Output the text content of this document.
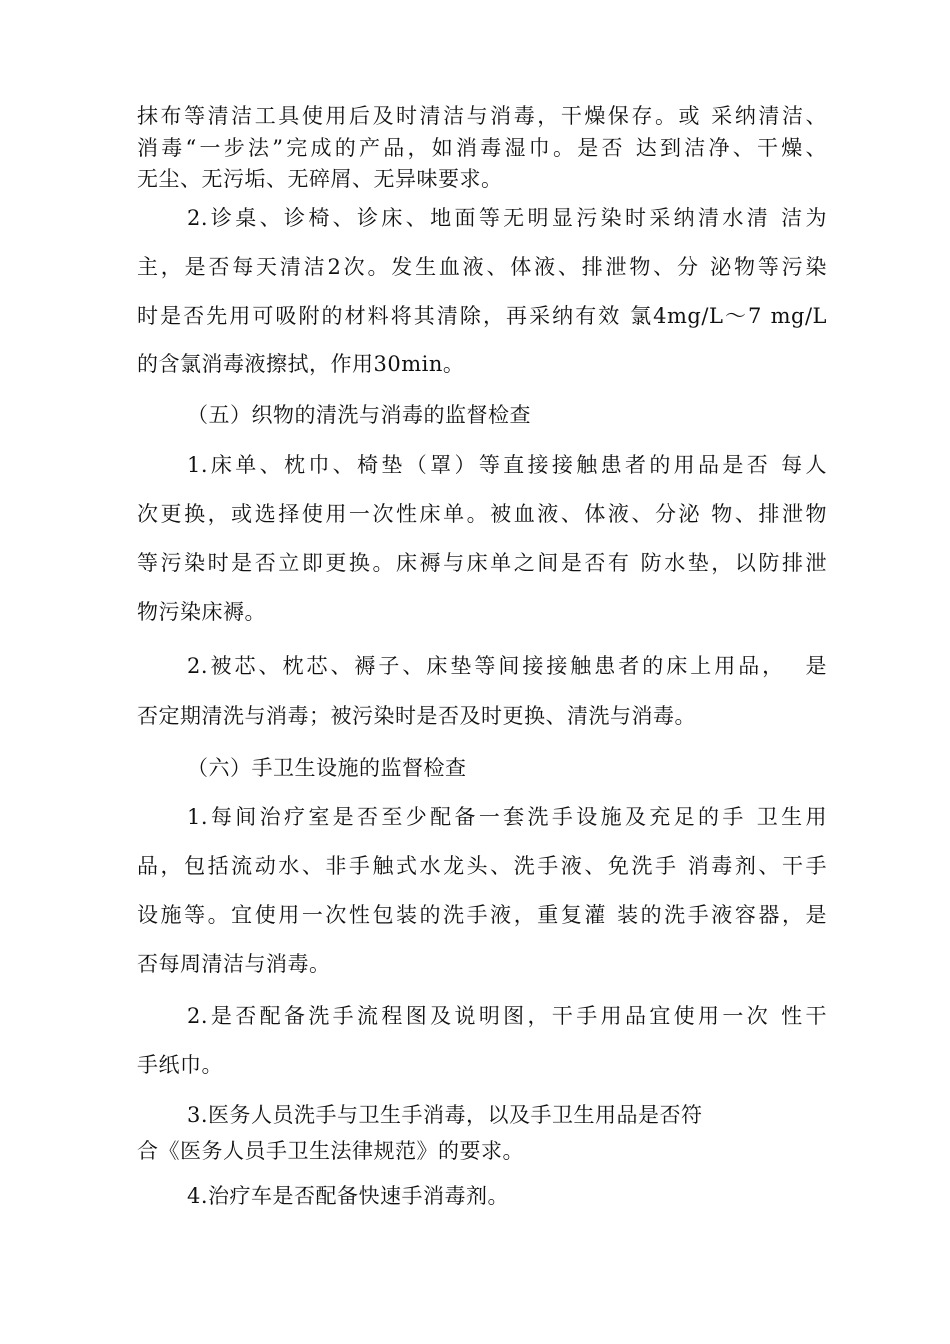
抹布等清洁工具使用后及时清洁与消毒，干燥保存。或 采纳清洁、
消毒“一步法”完成的产品，如消毒湿巾。是否 达到洁净、干燥、
无尘、无污垢、无碎屑、无异味要求。
2.诊桌、诊椅、诊床、地面等无明显污染时采纳清水清 洁为
主，是否每天清洁2次。发生血液、体液、排泄物、分 泌物等污染
时是否先用可吸附的材料将其清除，再采纳有效 氯4mg/L〜7 mg/L
的含氯消毒液擦拭，作用30min。
（五）织物的清洗与消毒的监督检查
1.床单、枕巾、椅垫（罩）等直接接触患者的用品是否 每人
次更换，或选择使用一次性床单。被血液、体液、分泌 物、排泄物
等污染时是否立即更换。床褥与床单之间是否有 防水垫，以防排泄
物污染床褥。
2.被芯、枕芯、褥子、床垫等间接接触患者的床上用品，  是
否定期清洗与消毒；被污染时是否及时更换、清洗与消毒。
（六）手卫生设施的监督检查
1.每间治疗室是否至少配备一套洗手设施及充足的手 卫生用
品，包括流动水、非手触式水龙头、洗手液、免洗手 消毒剂、干手
设施等。宜使用一次性包装的洗手液，重复灌 装的洗手液容器，是
否每周清洁与消毒。
2.是否配备洗手流程图及说明图，干手用品宜使用一次 性干
手纸巾。
3.医务人员洗手与卫生手消毒，以及手卫生用品是否符
合《医务人员手卫生法律规范》的要求。
4.治疗车是否配备快速手消毒剂。
